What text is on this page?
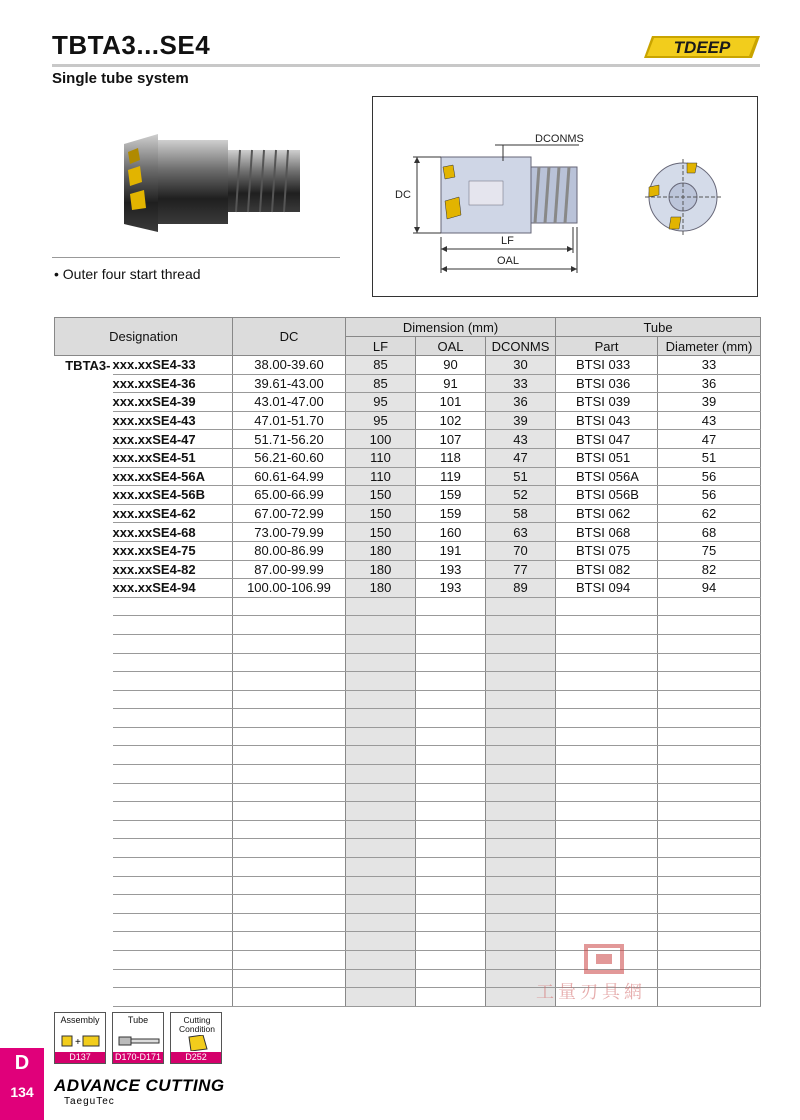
TBTA3...SE4
Single tube system
TDEEP
• Outer four start thread
DCONMS
DC
LF
OAL
Designation		DC	Dimension (mm)			Tube	
			LF	OAL	DCONMS	Part	Diameter (mm)
TBTA3-	xxx.xxSE4-33	38.00-39.60	85	90	30	BTSI 033	33
	xxx.xxSE4-36	39.61-43.00	85	91	33	BTSI 036	36
	xxx.xxSE4-39	43.01-47.00	95	101	36	BTSI 039	39
	xxx.xxSE4-43	47.01-51.70	95	102	39	BTSI 043	43
	xxx.xxSE4-47	51.71-56.20	100	107	43	BTSI 047	47
	xxx.xxSE4-51	56.21-60.60	110	118	47	BTSI 051	51
	xxx.xxSE4-56A	60.61-64.99	110	119	51	BTSI 056A	56
	xxx.xxSE4-56B	65.00-66.99	150	159	52	BTSI 056B	56
	xxx.xxSE4-62	67.00-72.99	150	159	58	BTSI 062	62
	xxx.xxSE4-68	73.00-79.99	150	160	63	BTSI 068	68
	xxx.xxSE4-75	80.00-86.99	180	191	70	BTSI 075	75
	xxx.xxSE4-82	87.00-99.99	180	193	77	BTSI 082	82
	xxx.xxSE4-94	100.00-106.99	180	193	89	BTSI 094	94

Assembly
+
D137
Tube
D170-D171
Cutting Condition
D252
D
134	ADVANCE CUTTING
TaeguTec
工量刃具網
